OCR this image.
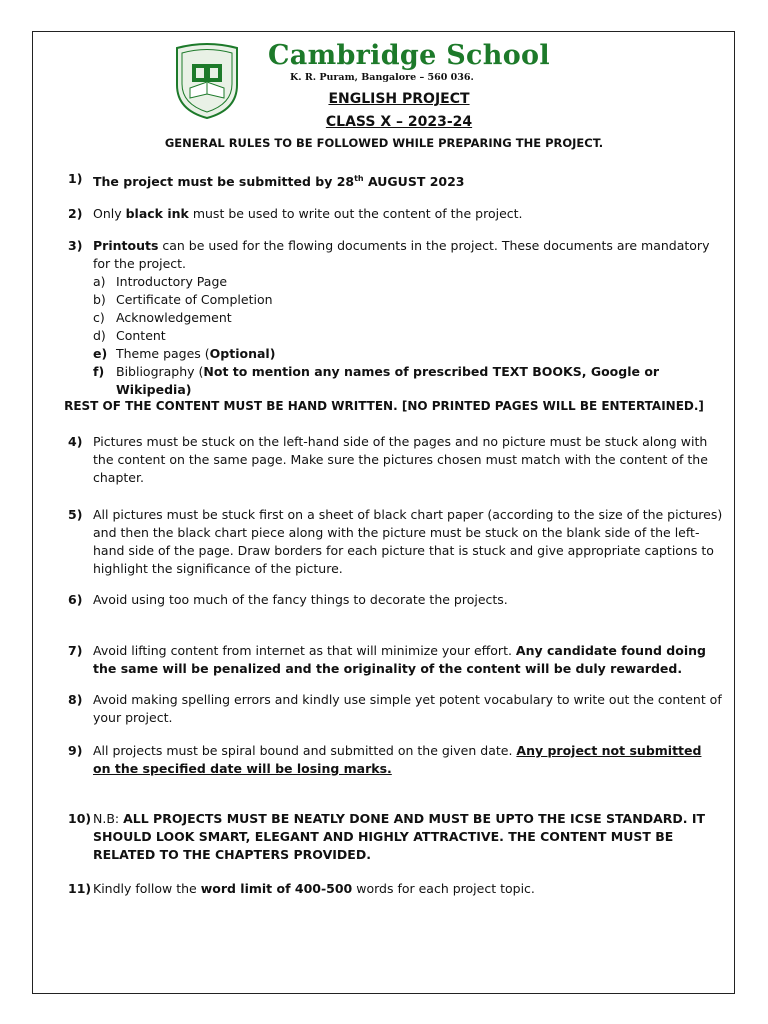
Cambridge School
K. R. Puram, Bangalore – 560 036.
ENGLISH PROJECT
CLASS X – 2023-24
GENERAL RULES TO BE FOLLOWED WHILE PREPARING THE PROJECT.
1) The project must be submitted by 28th AUGUST 2023
2) Only black ink must be used to write out the content of the project.
3) Printouts can be used for the flowing documents in the project. These documents are mandatory for the project.
a) Introductory Page
b) Certificate of Completion
c) Acknowledgement
d) Content
e) Theme pages (Optional)
f) Bibliography (Not to mention any names of prescribed TEXT BOOKS, Google or Wikipedia)
REST OF THE CONTENT MUST BE HAND WRITTEN. [NO PRINTED PAGES WILL BE ENTERTAINED.]
4) Pictures must be stuck on the left-hand side of the pages and no picture must be stuck along with the content on the same page. Make sure the pictures chosen must match with the content of the chapter.
5) All pictures must be stuck first on a sheet of black chart paper (according to the size of the pictures) and then the black chart piece along with the picture must be stuck on the blank side of the left-hand side of the page. Draw borders for each picture that is stuck and give appropriate captions to highlight the significance of the picture.
6) Avoid using too much of the fancy things to decorate the projects.
7) Avoid lifting content from internet as that will minimize your effort. Any candidate found doing the same will be penalized and the originality of the content will be duly rewarded.
8) Avoid making spelling errors and kindly use simple yet potent vocabulary to write out the content of your project.
9) All projects must be spiral bound and submitted on the given date. Any project not submitted on the specified date will be losing marks.
10) N.B: ALL PROJECTS MUST BE NEATLY DONE AND MUST BE UPTO THE ICSE STANDARD. IT SHOULD LOOK SMART, ELEGANT AND HIGHLY ATTRACTIVE. THE CONTENT MUST BE RELATED TO THE CHAPTERS PROVIDED.
11) Kindly follow the word limit of 400-500 words for each project topic.
